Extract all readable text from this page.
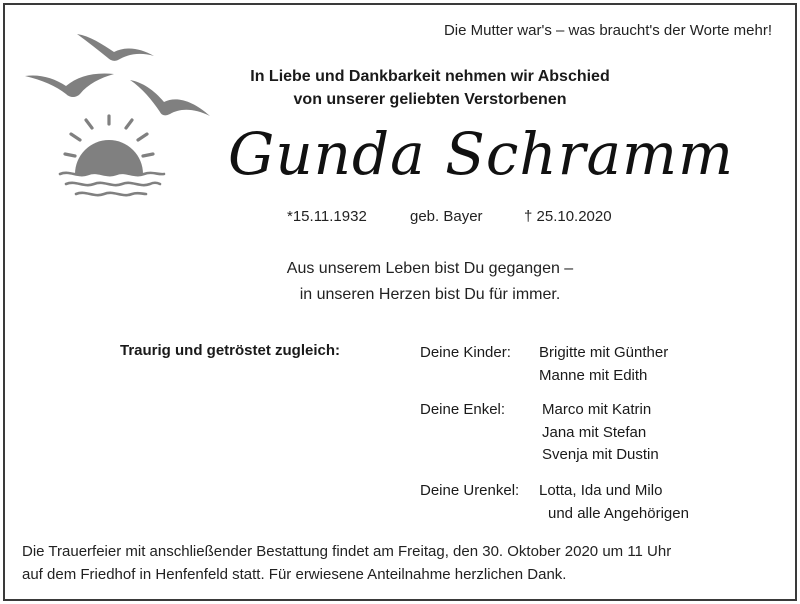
Die Mutter war's – was braucht's der Worte mehr!
In Liebe und Dankbarkeit nehmen wir Abschied
von unserer geliebten Verstorbenen
Gunda Schramm
*15.11.1932	geb. Bayer	† 25.10.2020
Aus unserem Leben bist Du gegangen –
in unseren Herzen bist Du für immer.
Traurig und getröstet zugleich:	Deine Kinder: Brigitte mit Günther
Manne mit Edith
Deine Enkel: Marco mit Katrin
Jana mit Stefan
Svenja mit Dustin
Deine Urenkel: Lotta, Ida und Milo
und alle Angehörigen
Die Trauerfeier mit anschließender Bestattung findet am Freitag, den 30. Oktober 2020 um 11 Uhr
auf dem Friedhof in Henfenfeld statt. Für erwiesene Anteilnahme herzlichen Dank.
